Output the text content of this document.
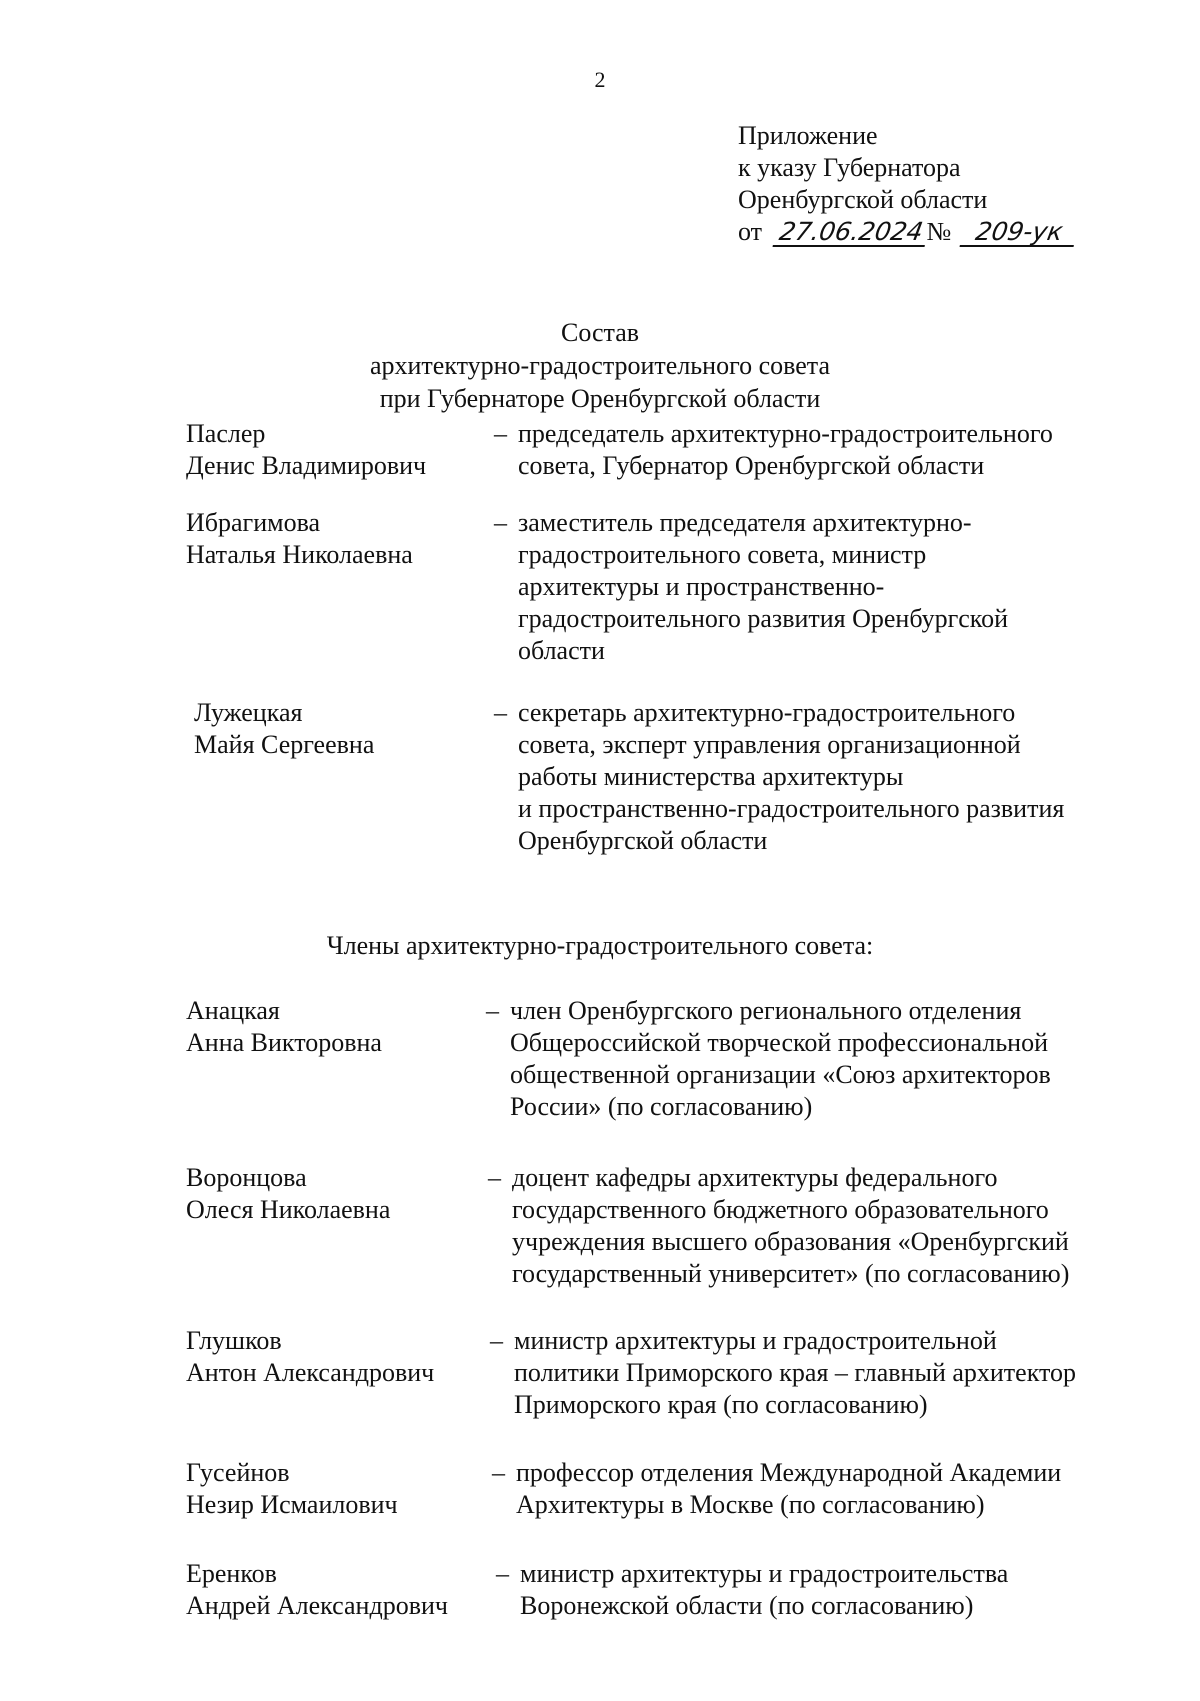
2
Приложение
к указу Губернатора
Оренбургской области
от 27.06.2024№ 209-ук
Состав
архитектурно-градостроительного совета
при Губернаторе Оренбургской области
Паслер
Денис Владимирович
– председатель архитектурно-градостроительного
совета, Губернатор Оренбургской области
Ибрагимова
Наталья Николаевна
– заместитель председателя архитектурно-
градостроительного совета, министр
архитектуры и пространственно-
градостроительного развития Оренбургской
области
Лужецкая
Майя Сергеевна
– секретарь архитектурно-градостроительного
совета, эксперт управления организационной
работы министерства архитектуры
и пространственно-градостроительного развития
Оренбургской области
Члены архитектурно-градостроительного совета:
Анацкая
Анна Викторовна
– член Оренбургского регионального отделения
Общероссийской творческой профессиональной
общественной организации «Союз архитекторов
России» (по согласованию)
Воронцова
Олеся Николаевна
– доцент кафедры архитектуры федерального
государственного бюджетного образовательного
учреждения высшего образования «Оренбургский
государственный университет» (по согласованию)
Глушков
Антон Александрович
– министр архитектуры и градостроительной
политики Приморского края – главный архитектор
Приморского края (по согласованию)
Гусейнов
Незир Исмаилович
– профессор отделения Международной Академии
Архитектуры в Москве (по согласованию)
Еренков
Андрей Александрович
– министр архитектуры и градостроительства
Воронежской области (по согласованию)
